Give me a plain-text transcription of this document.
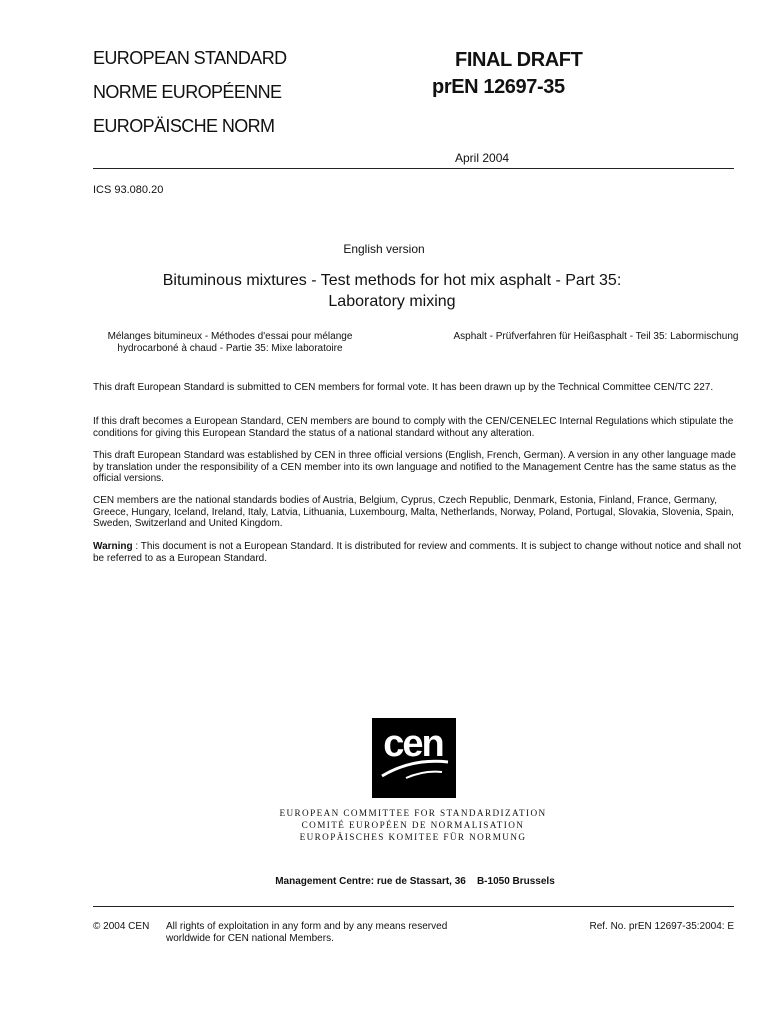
EUROPEAN STANDARD
NORME EUROPÉENNE
EUROPÄISCHE NORM
FINAL DRAFT
prEN 12697-35
April 2004
ICS 93.080.20
English version
Bituminous mixtures - Test methods for hot mix asphalt - Part 35: Laboratory mixing
Mélanges bitumineux - Méthodes d'essai pour mélange hydrocarboné à chaud - Partie 35: Mixe laboratoire
Asphalt - Prüfverfahren für Heißasphalt - Teil 35: Labormischung
This draft European Standard is submitted to CEN members for formal vote. It has been drawn up by the Technical Committee CEN/TC 227.
If this draft becomes a European Standard, CEN members are bound to comply with the CEN/CENELEC Internal Regulations which stipulate the conditions for giving this European Standard the status of a national standard without any alteration.
This draft European Standard was established by CEN in three official versions (English, French, German). A version in any other language made by translation under the responsibility of a CEN member into its own language and notified to the Management Centre has the same status as the official versions.
CEN members are the national standards bodies of Austria, Belgium, Cyprus, Czech Republic, Denmark, Estonia, Finland, France, Germany, Greece, Hungary, Iceland, Ireland, Italy, Latvia, Lithuania, Luxembourg, Malta, Netherlands, Norway, Poland, Portugal, Slovakia, Slovenia, Spain, Sweden, Switzerland and United Kingdom.
Warning : This document is not a European Standard. It is distributed for review and comments. It is subject to change without notice and shall not be referred to as a European Standard.
cen
EUROPEAN COMMITTEE FOR STANDARDIZATION
COMITÉ EUROPÉEN DE NORMALISATION
EUROPÄISCHES KOMITEE FÜR NORMUNG
Management Centre: rue de Stassart, 36    B-1050 Brussels
© 2004 CEN All rights of exploitation in any form and by any means reserved worldwide for CEN national Members.
Ref. No. prEN 12697-35:2004: E
